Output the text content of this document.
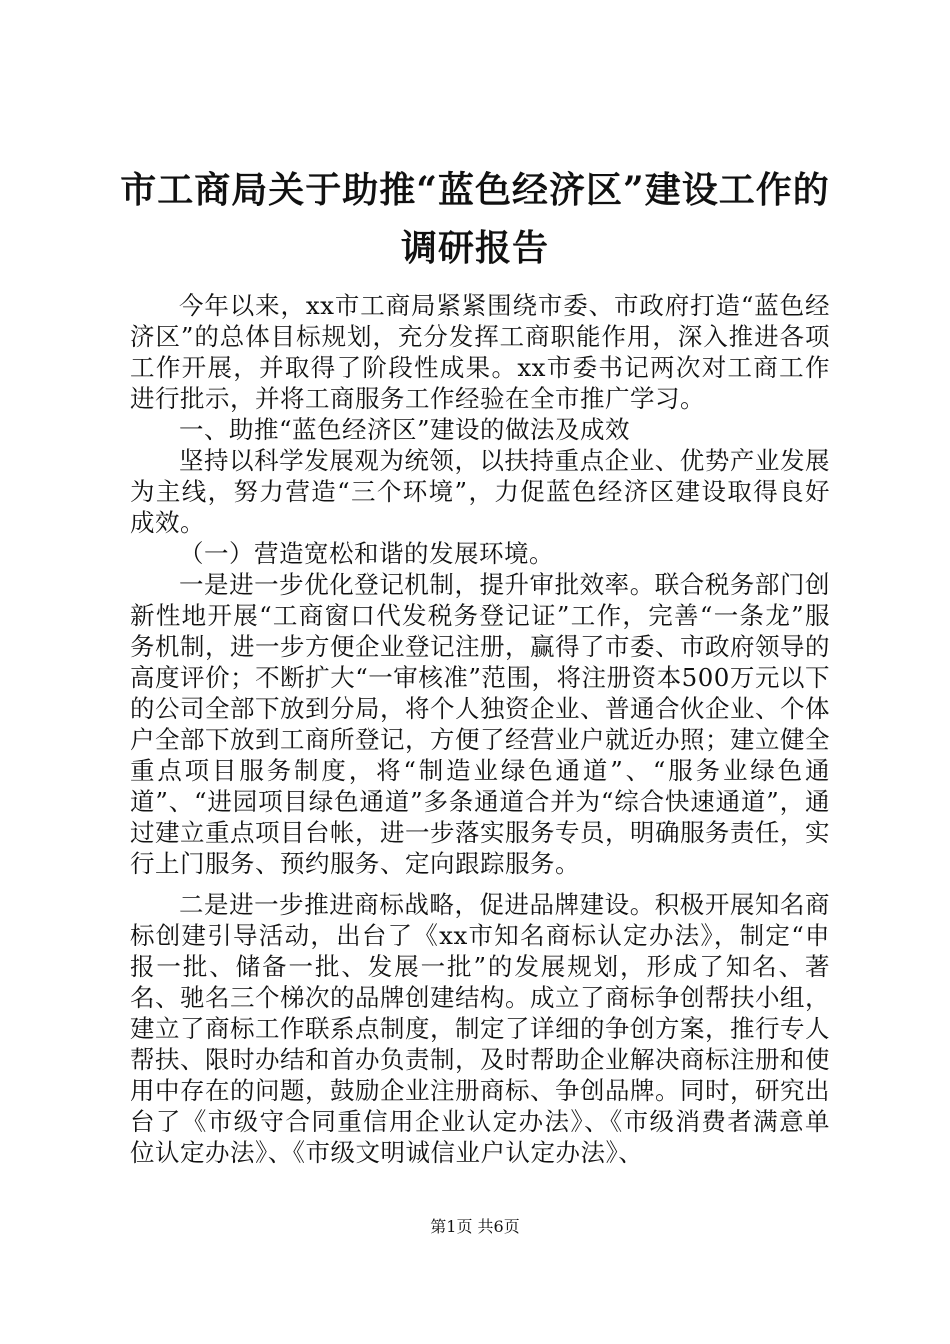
市工商局关于助推“蓝色经济区”建设工作的
调研报告

今年以来，xx市工商局紧紧围绕市委、市政府打造“蓝色经济区”的总体目标规划，充分发挥工商职能作用，深入推进各项工作开展，并取得了阶段性成果。xx市委书记两次对工商工作进行批示，并将工商服务工作经验在全市推广学习。

一、助推“蓝色经济区”建设的做法及成效

坚持以科学发展观为统领，以扶持重点企业、优势产业发展为主线，努力营造“三个环境”，力促蓝色经济区建设取得良好成效。

（一）营造宽松和谐的发展环境。

一是进一步优化登记机制，提升审批效率。联合税务部门创新性地开展“工商窗口代发税务登记证”工作，完善“一条龙”服务机制，进一步方便企业登记注册，赢得了市委、市政府领导的高度评价；不断扩大“一审核准”范围，将注册资本500万元以下的公司全部下放到分局，将个人独资企业、普通合伙企业、个体户全部下放到工商所登记，方便了经营业户就近办照；建立健全重点项目服务制度，将“制造业绿色通道”、“服务业绿色通道”、“进园项目绿色通道”多条通道合并为“综合快速通道”，通过建立重点项目台帐，进一步落实服务专员，明确服务责任，实行上门服务、预约服务、定向跟踪服务。

二是进一步推进商标战略，促进品牌建设。积极开展知名商标创建引导活动，出台了《xx市知名商标认定办法》，制定“申报一批、储备一批、发展一批”的发展规划，形成了知名、著名、驰名三个梯次的品牌创建结构。成立了商标争创帮扶小组，建立了商标工作联系点制度，制定了详细的争创方案，推行专人帮扶、限时办结和首办负责制，及时帮助企业解决商标注册和使用中存在的问题，鼓励企业注册商标、争创品牌。同时，研究出台了《市级守合同重信用企业认定办法》、《市级消费者满意单位认定办法》、《市级文明诚信业户认定办法》、

第1页 共6页
